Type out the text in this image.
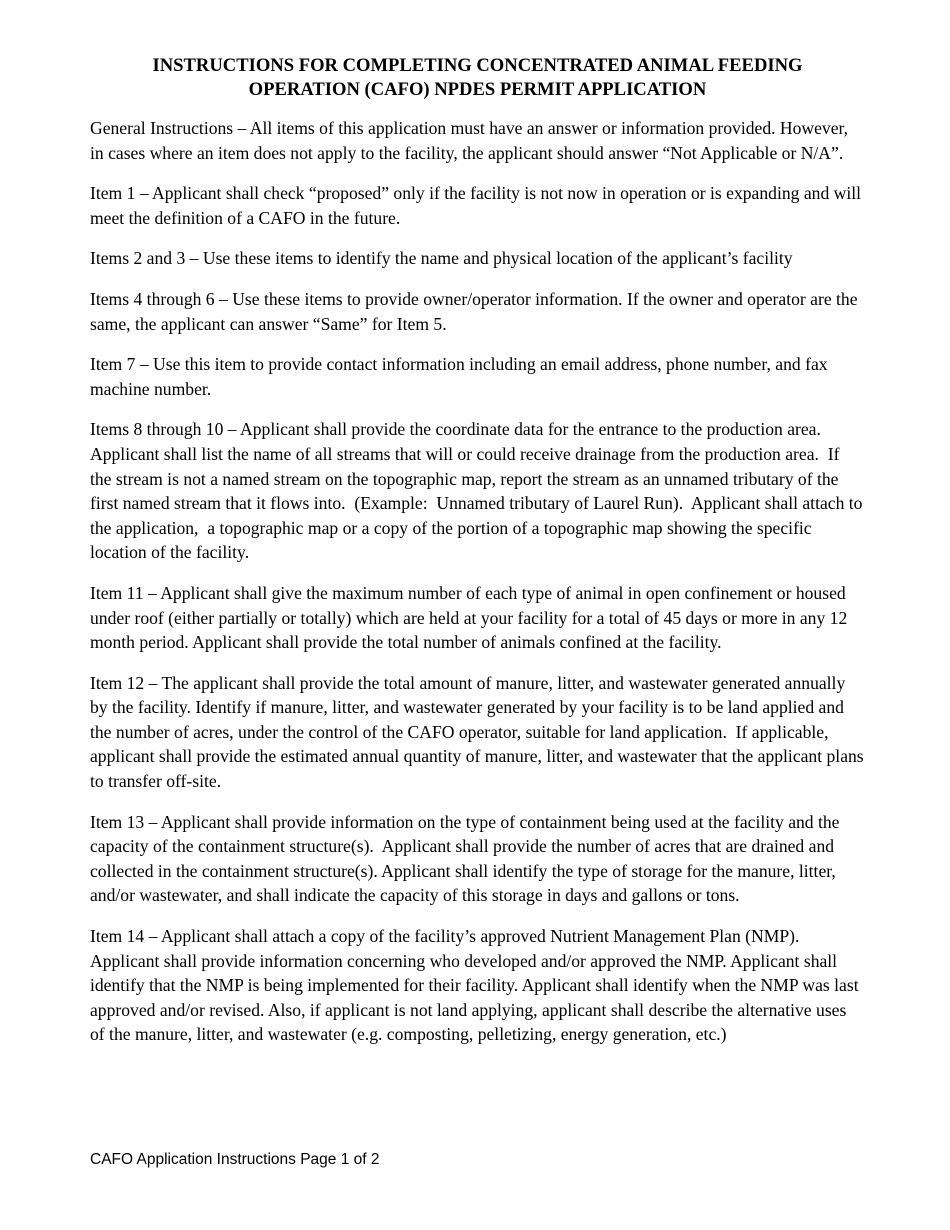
INSTRUCTIONS FOR COMPLETING CONCENTRATED ANIMAL FEEDING
OPERATION (CAFO) NPDES PERMIT APPLICATION

General Instructions – All items of this application must have an answer or information provided. However, in cases where an item does not apply to the facility, the applicant should answer “Not Applicable or N/A”.

Item 1 – Applicant shall check “proposed” only if the facility is not now in operation or is expanding and will meet the definition of a CAFO in the future.

Items 2 and 3 – Use these items to identify the name and physical location of the applicant’s facility

Items 4 through 6 – Use these items to provide owner/operator information. If the owner and operator are the same, the applicant can answer “Same” for Item 5.

Item 7 – Use this item to provide contact information including an email address, phone number, and fax machine number.

Items 8 through 10 – Applicant shall provide the coordinate data for the entrance to the production area. Applicant shall list the name of all streams that will or could receive drainage from the production area.  If the stream is not a named stream on the topographic map, report the stream as an unnamed tributary of the first named stream that it flows into.  (Example:  Unnamed tributary of Laurel Run).  Applicant shall attach to the application,  a topographic map or a copy of the portion of a topographic map showing the specific location of the facility.

Item 11 – Applicant shall give the maximum number of each type of animal in open confinement or housed under roof (either partially or totally) which are held at your facility for a total of 45 days or more in any 12 month period. Applicant shall provide the total number of animals confined at the facility.

Item 12 – The applicant shall provide the total amount of manure, litter, and wastewater generated annually by the facility. Identify if manure, litter, and wastewater generated by your facility is to be land applied and the number of acres, under the control of the CAFO operator, suitable for land application.  If applicable, applicant shall provide the estimated annual quantity of manure, litter, and wastewater that the applicant plans to transfer off-site.

Item 13 – Applicant shall provide information on the type of containment being used at the facility and the capacity of the containment structure(s).  Applicant shall provide the number of acres that are drained and collected in the containment structure(s). Applicant shall identify the type of storage for the manure, litter, and/or wastewater, and shall indicate the capacity of this storage in days and gallons or tons.

Item 14 – Applicant shall attach a copy of the facility’s approved Nutrient Management Plan (NMP). Applicant shall provide information concerning who developed and/or approved the NMP. Applicant shall identify that the NMP is being implemented for their facility. Applicant shall identify when the NMP was last approved and/or revised. Also, if applicant is not land applying, applicant shall describe the alternative uses of the manure, litter, and wastewater (e.g. composting, pelletizing, energy generation, etc.)

CAFO Application Instructions Page 1 of 2
